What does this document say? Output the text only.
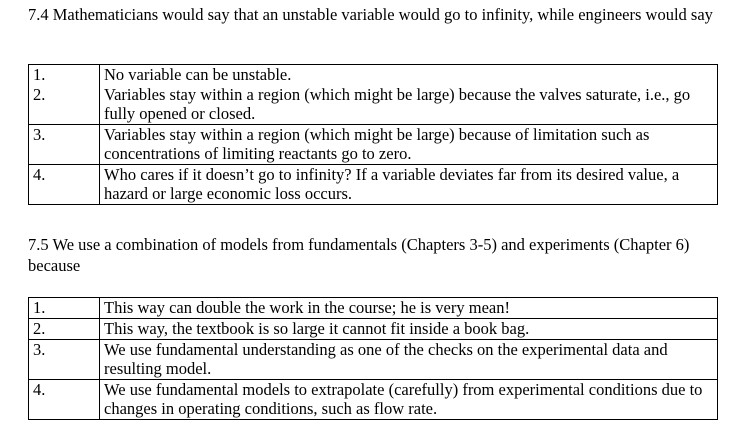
7.4 Mathematicians would say that an unstable variable would go to infinity, while engineers would say

1.	No variable can be unstable.
2.	Variables stay within a region (which might be large) because the valves saturate, i.e., go fully opened or closed.
3.	Variables stay within a region (which might be large) because of limitation such as concentrations of limiting reactants go to zero.
4.	Who cares if it doesn’t go to infinity? If a variable deviates far from its desired value, a hazard or large economic loss occurs.

7.5 We use a combination of models from fundamentals (Chapters 3-5) and experiments (Chapter 6) because

1.	This way can double the work in the course; he is very mean!
2.	This way, the textbook is so large it cannot fit inside a book bag.
3.	We use fundamental understanding as one of the checks on the experimental data and resulting model.
4.	We use fundamental models to extrapolate (carefully) from experimental conditions due to changes in operating conditions, such as flow rate.
